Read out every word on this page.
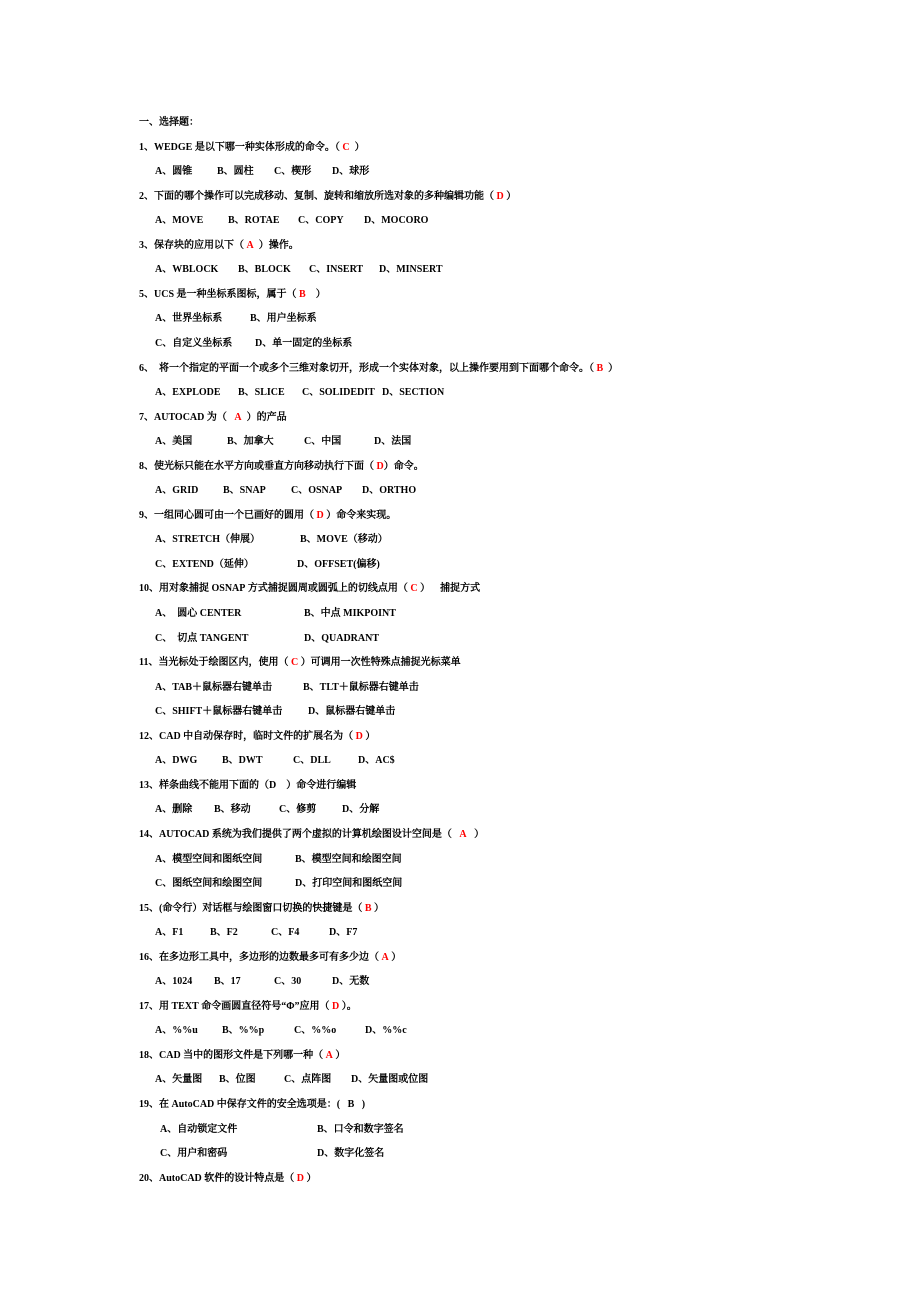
一、选择题：
1、WEDGE 是以下哪一种实体形成的命令。（ C  ）
A、圆锥 B、圆柱 C、楔形 D、球形
2、下面的哪个操作可以完成移动、复制、旋转和缩放所选对象的多种编辑功能（ D ）
A、MOVE B、ROTAE C、COPY D、MOCORO
3、保存块的应用以下（ A  ）操作。
A、WBLOCK B、BLOCK C、INSERT D、MINSERT
5、UCS 是一种坐标系图标，属于（ B    ）
A、世界坐标系	B、用户坐标系
C、自定义坐标系 D、单一固定的坐标系
6、  将一个指定的平面一个或多个三维对象切开，形成一个实体对象，以上操作要用到下面哪个命令。（ B  ）
A、EXPLODE B、SLICE C、SOLIDEDIT D、SECTION
7、AUTOCAD 为（   A  ）的产品
A、美国	B、加拿大	C、中国	D、法国
8、使光标只能在水平方向或垂直方向移动执行下面（ D）命令。
A、GRID B、SNAP	C、OSNAP D、ORTHO
9、一组同心圆可由一个已画好的圆用（ D ）命令来实现。
A、STRETCH（伸展）	B、MOVE（移动）
C、EXTEND（延伸）	D、OFFSET(偏移)
10、用对象捕捉 OSNAP 方式捕捉圆周或圆弧上的切线点用（ C ）    捕捉方式
A、  圆心 CENTER	B、中点 MIKPOINT
C、  切点 TANGENT	D、QUADRANT
11、当光标处于绘图区内，使用（ C ）可调用一次性特殊点捕捉光标菜单
A、TAB＋鼠标器右键单击	B、TLT＋鼠标器右键单击
C、SHIFT＋鼠标器右键单击	D、鼠标器右键单击
12、CAD 中自动保存时，临时文件的扩展名为（ D ）
A、DWG B、DWT	C、DLL	D、AC$
13、样条曲线不能用下面的（D    ）命令进行编辑
A、删除 B、移动	C、修剪	D、分解
14、AUTOCAD 系统为我们提供了两个虚拟的计算机绘图设计空间是（   A   ）
A、模型空间和图纸空间	B、模型空间和绘图空间
C、图纸空间和绘图空间	D、打印空间和图纸空间
15、(命令行）对话框与绘图窗口切换的快捷键是（ B ）
A、F1	B、F2	C、F4	D、F7
16、在多边形工具中，多边形的边数最多可有多少边（ A ）
A、1024 B、17	C、30	D、无数
17、用 TEXT 命令画圆直径符号“Φ”应用（ D ）。
A、%%u B、%%p	C、%%o	D、%%c
18、CAD 当中的图形文件是下列哪一种（ A ）
A、矢量图 B、位图	C、点阵图 D、矢量图或位图
19、在 AutoCAD 中保存文件的安全选项是：(   B   )
A、自动锁定文件	B、口令和数字签名
C、用户和密码	D、数字化签名
20、AutoCAD 软件的设计特点是（ D ）
